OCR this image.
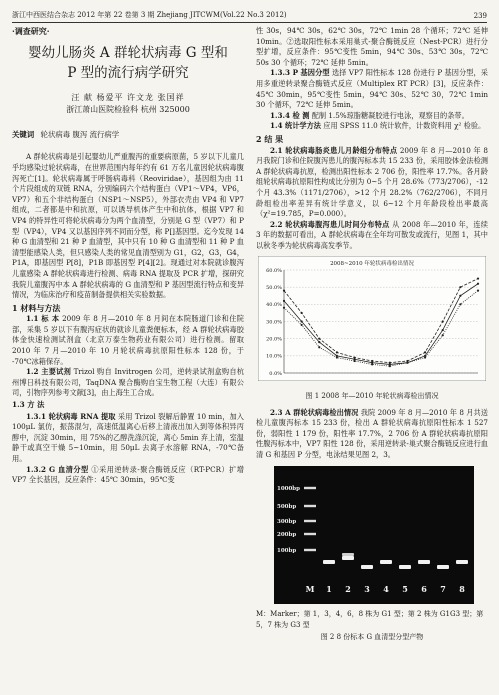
浙江中西医结合杂志 2012 年第 22 卷第 3 期 Zhejiang JITCWM(Vol.22 No.3 2012)	239
·调查研究·
婴幼儿肠炎 A 群轮状病毒 G 型和
P 型的流行病学研究
汪 献 杨爱平 许文龙 张国祥
浙江萧山医院检验科 杭州 325000
关键词 轮状病毒 腹泻 流行病学

A 群轮状病毒是引起婴幼儿严重腹泻的重要病原菌，5 岁以下儿童几乎均感染过轮状病毒，在世界范围内每年约有 61 万名儿童因轮状病毒腹泻死亡[1]。轮状病毒属于呼肠病毒科（Reoviridae），基因组为由 11 个片段组成的双链 RNA，分别编码六个结构蛋白（VP1～VP4，VP6，VP7）和五个非结构蛋白（NSP1～NSP5），外部衣壳由 VP4 和 VP7 组成，二者都是中和抗原，可以诱导机体产生中和抗体，根据 VP7 和 VP4 的特异性可将轮状病毒分为两个血清型，分别是 G 型（VP7）和 P 型（VP4），VP4 又以基因序列不同而分型，称 P[]基因型。迄今发现 14 种 G 血清型和 21 种 P 血清型，其中只有 10 种 G 血清型和 11 种 P 血清型能感染人类，但只感染人类的常见血清型别为 G1，G2，G3，G4，P1A，即基因型 P[8]，P1B 即基因型 P[4][2]。现通过对本院就诊腹泻儿童感染 A 群轮状病毒进行检测、病毒 RNA 提取及 PCR 扩增，探研究我院儿童腹泻中本 A 群轮状病毒的 G 血清型和 P 基因型流行特点和变异情况，为临床治疗和疫苗制备提供相关实验数据。

1 材料与方法

1.1 标 本 2009 年 8 月—2010 年 8 月间在本院肠道门诊和住院部，采集 5 岁以下有腹泻症状的就诊儿童粪便标本，经 A 群轮状病毒胶体金快速检测试剂盒（北京万泰生物药业有限公司）进行检测。留取 2010 年 7 月—2010 年 10 月轮状病毒抗原阳性标本 128 份，于 -70℃冰箱保存。

1.2 主要试剂 Trizol 购自 Invitrogen 公司，逆转录试剂盒购自杭州博日科技有限公司，TaqDNA 聚合酶购自宝生物工程（大连）有限公司，引物序列参考文献[3]，由上海生工合成。

1.3 方 法

1.3.1 轮状病毒 RNA 提取 采用 Trizol 裂解后静置 10 min，加入 100μL 氯仿，振荡混匀，高速低温离心后移上清液出加入到等体积异丙醇中，沉淀 30min，用 75%的乙醇洗涤沉淀，离心 5min 弃上清，室温静干或真空干燥 5~10min，用 50μL 去离子水溶解 RNA，-70℃备用。

1.3.2 G 血清分型 ①采用逆转录-聚合酶链反应（RT-PCR）扩增 VP7 全长基因，反应条件：45℃ 30min，95℃变

性 30s，94℃ 30s，62℃ 30s，72℃ 1min 28 个循环；72℃ 延伸 10min。②选取阳性标本采用巢式-聚合酶链反应（Nest-PCR）进行分型扩增，反应条件：95℃变性 5min，94℃ 30s、53℃ 30s，72℃ 50s 30 个循环；72℃ 延伸 5min。

1.3.3 P 基因分型 选择 VP7 阳性标本 128 份进行 P 基因分型，采用多重逆转录聚合酶链式反应（Multiplex RT PCR）[3]，反应条件：45℃ 30min，95℃变性 5min，94℃ 30s、52℃ 30，72℃ 1min 30 个循环，72℃ 延伸 5min。

1.3.4 检 测 配制 1.5%琼脂糖凝胶进行电泳，观察目的条带。

1.4 统计学方法 应用 SPSS 11.0 统计软件，计数资料用 χ² 检验。

2 结 果

2.1 轮状病毒肠炎患儿月龄组分布特点 2009 年 8 月—2010 年 8 月我院门诊和住院腹泻患儿的腹泻标本共 15 233 份，采用胶体金法检测 A 群轮状病毒抗原，检测出阳性标本 2 706 份，阳性率 17.7%。各月龄组轮状病毒抗原阳性构成比分别为 0~5 个月 28.6%（773/2706），-12 个月 43.3%（1171/2706），>12 个月 28.2%（762/2706），不同月龄组检出率差异有统计学意义，以 6~12 个月年龄段检出率最高（χ²=19.785，P=0.000）。

2.2 轮状病毒腹泻患儿时间分布特点 从 2008 年—2010 年，连续 3 年的数据可看出，A 群轮状病毒在全年均可散发或流行，见图 1，其中以秋冬季为轮状病毒高发季节。

2008~2010 年轮状病毒检出情况
0.0%
10.0%
20.0%
30.0%
40.0%
50.0%
60.0%
图 1 2008 年—2010 年轮状病毒检出情况

2.3 A 群轮状病毒检出情况 我院 2009 年 8 月—2010 年 8 月共送检儿童腹泻标本 15 233 份，检出 A 群轮状病毒抗原阳性标本 1 527 份，弱阳性 1 179 份，阳性率 17.7%，2 706 份 A 群轮状病毒抗原阳性腹泻标本中，VP7 阳性 128 份，采用逆转录-巢式聚合酶链反应进行血清 G 和基因 P 分型，电泳结果见图 2，3。

1000bp
500bp
300bp
200bp
100bp
M 1 2 3 4 5 6 7 8

M：Marker；第 1，3，4，6，8 株为 G1 型；第 2 株为 G1G3 型；第 5，7 株为 G3 型

图 2 8 份标本 G 血清型分型产物
